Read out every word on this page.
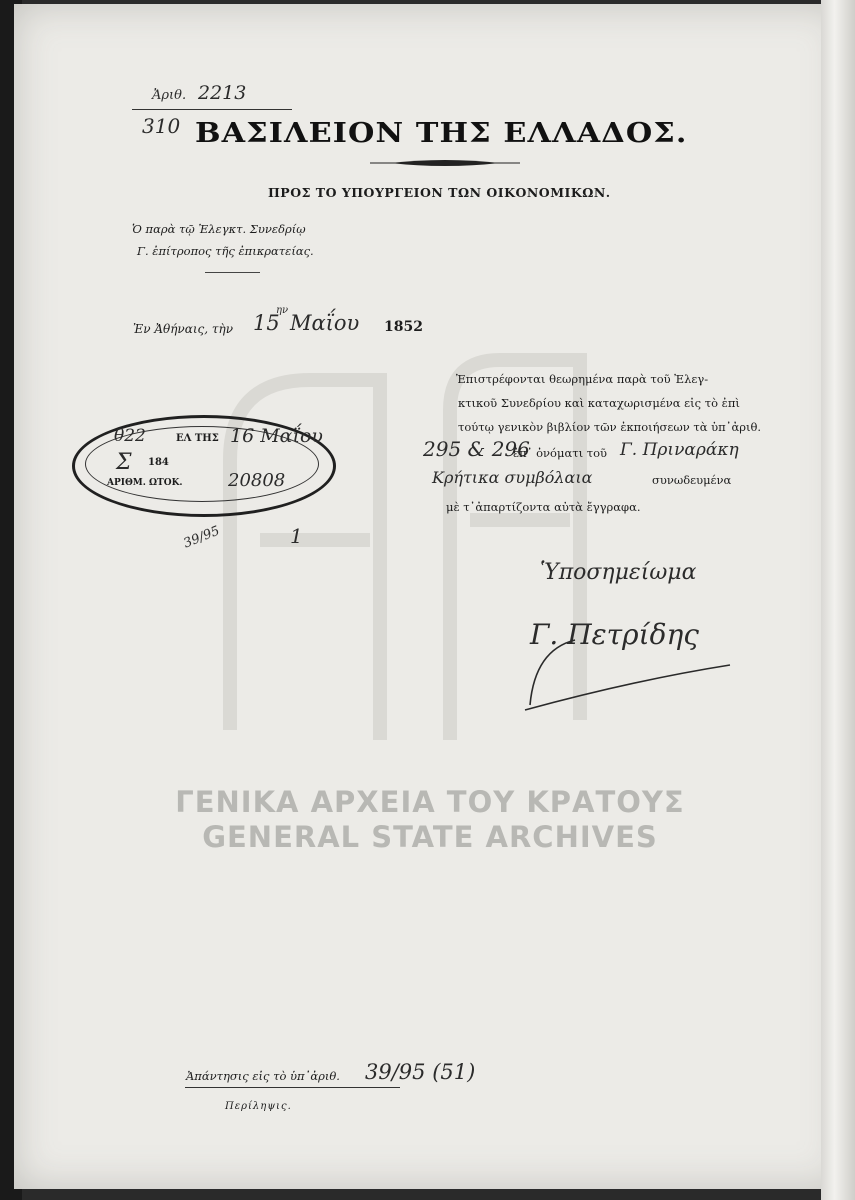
Ἀριθ. 2213
310 ΒΑΣΙΛΕΙΟΝ ΤΗΣ ΕΛΛΑΔΟΣ.
ΠΡΟΣ ΤΟ ΥΠΟΥΡΓΕΙΟΝ ΤΩΝ ΟΙΚΟΝΟΜΙΚΩΝ.
Ὁ παρὰ τῷ Ἐλεγκτ. Συνεδρίῳ
Γ. ἐπίτροπος τῆς ἐπικρατείας.
Ἐν Ἀθήναις, τὴν 15
ην
Μαΐου 1852
Ἐπιστρέφονται θεωρημένα παρὰ τοῦ Ἐλεγ-
κτικοῦ Συνεδρίου καὶ καταχωρισμένα εἰς τὸ ἐπὶ
τούτῳ γενικὸν βιβλίον τῶν ἐκποιήσεων τὰ ὑπ᾽ἀριθ.
295 & 296
ἐπ᾽ ὀνόματι τοῦ Γ. Πριναράκη
Κρήτικα συμβόλαια	συνωδευμένα
μὲ τ᾽ἀπαρτίζοντα αὐτὰ ἔγγραφα.
θ22	ΕΛ ΤΗΣ
Σ 184
ΑΡΙΘΜ. ΩΤΟΚ.	20808
16 Μαΐου
39/95	1
Ὑποσημείωμα
Γ. Πετρίδης
ΓΕΝΙΚΑ ΑΡΧΕΙΑ ΤΟΥ ΚΡΑΤΟΥΣ
GENERAL STATE ARCHIVES
Ἀπάντησις εἰς τὸ ὑπ᾽ἀριθ. 39/95 (51)
Περίληψις.
